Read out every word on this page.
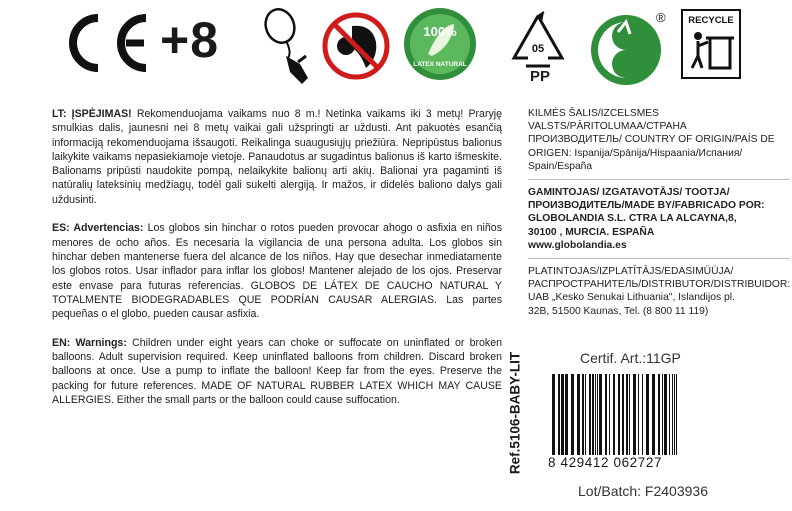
+8	100%
LATEX NATURAL
05
PP
® RECYCLE

LT: ĮSPĖJIMAS! Rekomenduojama vaikams nuo 8 m.! Netinka vaikams iki 3 metų! Praryję smulkias dalis, jaunesni nei 8 metų vaikai gali užspringti ar uždusti. Ant pakuotės esančią informaciją rekomenduojama išsaugoti. Reikalinga suaugusiųjų priežiūra. Nepripūstus balionus laikykite vaikams nepasiekiamoje vietoje. Panaudotus ar sugadintus balionus iš karto išmeskite. Balionams pripūsti naudokite pompą, nelaikykite balionų arti akių. Balionai yra pagaminti iš natūralių lateksinių medžiagų, todėl gali sukelti alergiją. Ir mažos, ir didelės baliono dalys gali uždusinti.

ES: Advertencias: Los globos sin hinchar o rotos pueden provocar ahogo o asfixia en niños menores de ocho años. Es necesaria la vigilancia de una persona adulta. Los globos sin hinchar deben mantenerse fuera del alcance de los niños. Hay que desechar inmediatamente los globos rotos. Usar inflador para inflar los globos! Mantener alejado de los ojos. Preservar este envase para futuras referencias. GLOBOS DE LÁTEX DE CAUCHO NATURAL Y TOTALMENTE BIODEGRADABLES QUE PODRÍAN CAUSAR ALERGIAS. Las partes pequeñas o el globo, pueden causar asfixia.

EN: Warnings: Children under eight years can choke or suffocate on uninflated or broken balloons. Adult supervision required. Keep uninflated balloons from children. Discard broken balloons at once. Use a pump to inflate the balloon! Keep far from the eyes. Preserve the packing for future references. MADE OF NATURAL RUBBER LATEX WHICH MAY CAUSE ALLERGIES. Either the small parts or the balloon could cause suffocation.

KILMĖS ŠALIS/IZCELSMES
VALSTS/PĀRITOLUMAA/СТРАНА
ПРОИЗВОДИТЕЛЬ/ COUNTRY OF ORIGIN/PAÍS DE
ORIGEN: Ispanija/Spānija/Hispaania/Испания/
Spain/España
GAMINTOJAS/ IZGATAVOTĀJS/ TOOTJA/
ПРОИЗВОДИТЕЛЬ/MADE BY/FABRICADO POR:
GLOBOLANDIA S.L. CTRA LA ALCAYNA,8,
30100 , MURCIA. ESPAÑA
www.globolandia.es
PLATINTOJAS/IZPLATĪTĀJS/EDASIMÜÜJA/
РАСПРОСТРАНИТЕЛЬ/DISTRIBUTOR/DISTRIBUIDOR:
UAB „Kesko Senukai Lithuania", Islandijos pl.
32B, 51500 Kaunas, Tel. (8 800 11 119)
Ref.5106-BABY-LIT	Certif. Art.:11GP
8 429412 062727
Lot/Batch: F2403936
